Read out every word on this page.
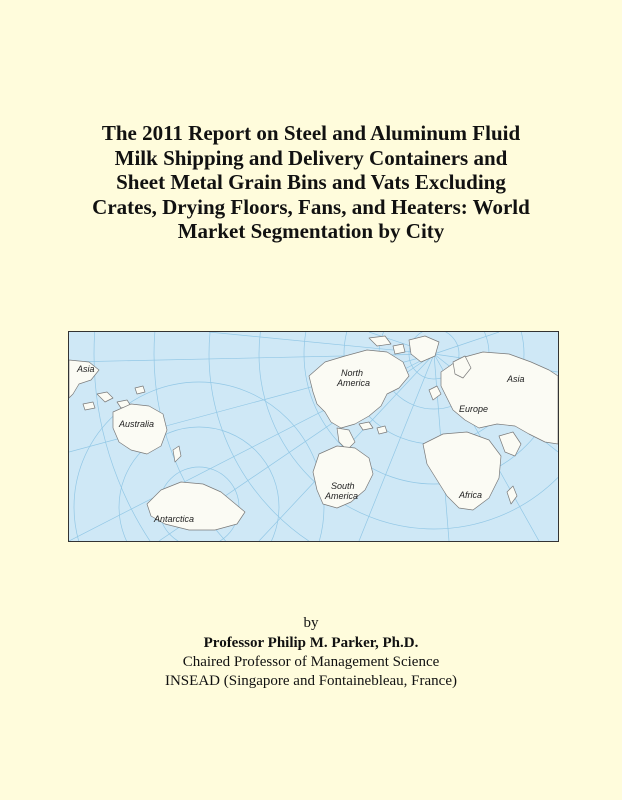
The 2011 Report on Steel and Aluminum Fluid
Milk Shipping and Delivery Containers and
Sheet Metal Grain Bins and Vats Excluding
Crates, Drying Floors, Fans, and Heaters: World
Market Segmentation by City
Asia
Australia
Antarctica
North
America
South
America
Asia
Europe
Africa
by
Professor Philip M. Parker, Ph.D.
Chaired Professor of Management Science
INSEAD (Singapore and Fontainebleau, France)
